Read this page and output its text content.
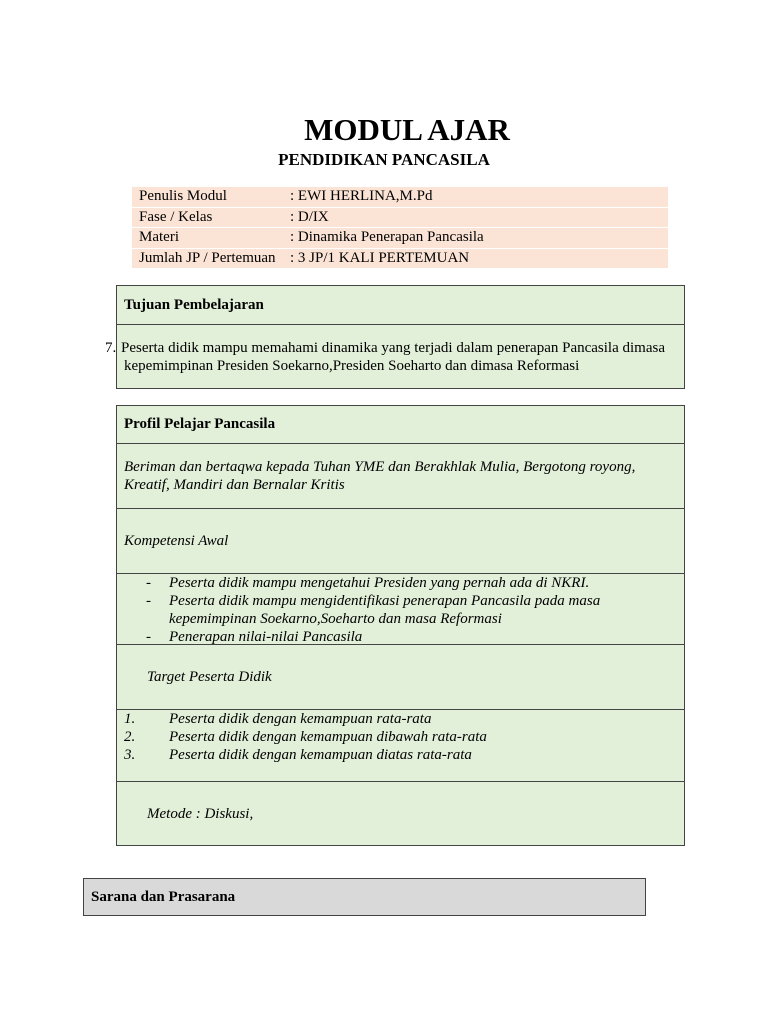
MODUL AJAR
PENDIDIKAN PANCASILA
Penulis Modul	: EWI HERLINA,M.Pd
Fase / Kelas	: D/IX
Materi	: Dinamika Penerapan Pancasila
Jumlah JP / Pertemuan : 3 JP/1 KALI PERTEMUAN
Tujuan Pembelajaran
7. Peserta didik mampu memahami dinamika yang terjadi dalam penerapan Pancasila dimasa
kepemimpinan Presiden Soekarno,Presiden Soeharto dan dimasa Reformasi
Profil Pelajar Pancasila
Beriman dan bertaqwa kepada Tuhan YME dan Berakhlak Mulia, Bergotong royong,
Kreatif, Mandiri dan Bernalar Kritis
Kompetensi Awal
- Peserta didik mampu mengetahui Presiden yang pernah ada di NKRI.
- Peserta didik mampu mengidentifikasi penerapan Pancasila pada masa
kepemimpinan Soekarno,Soeharto dan masa Reformasi
- Penerapan nilai-nilai Pancasila
Target Peserta Didik
1. Peserta didik dengan kemampuan rata-rata
2. Peserta didik dengan kemampuan dibawah rata-rata
3. Peserta didik dengan kemampuan diatas rata-rata
Metode : Diskusi,
Sarana dan Prasarana
